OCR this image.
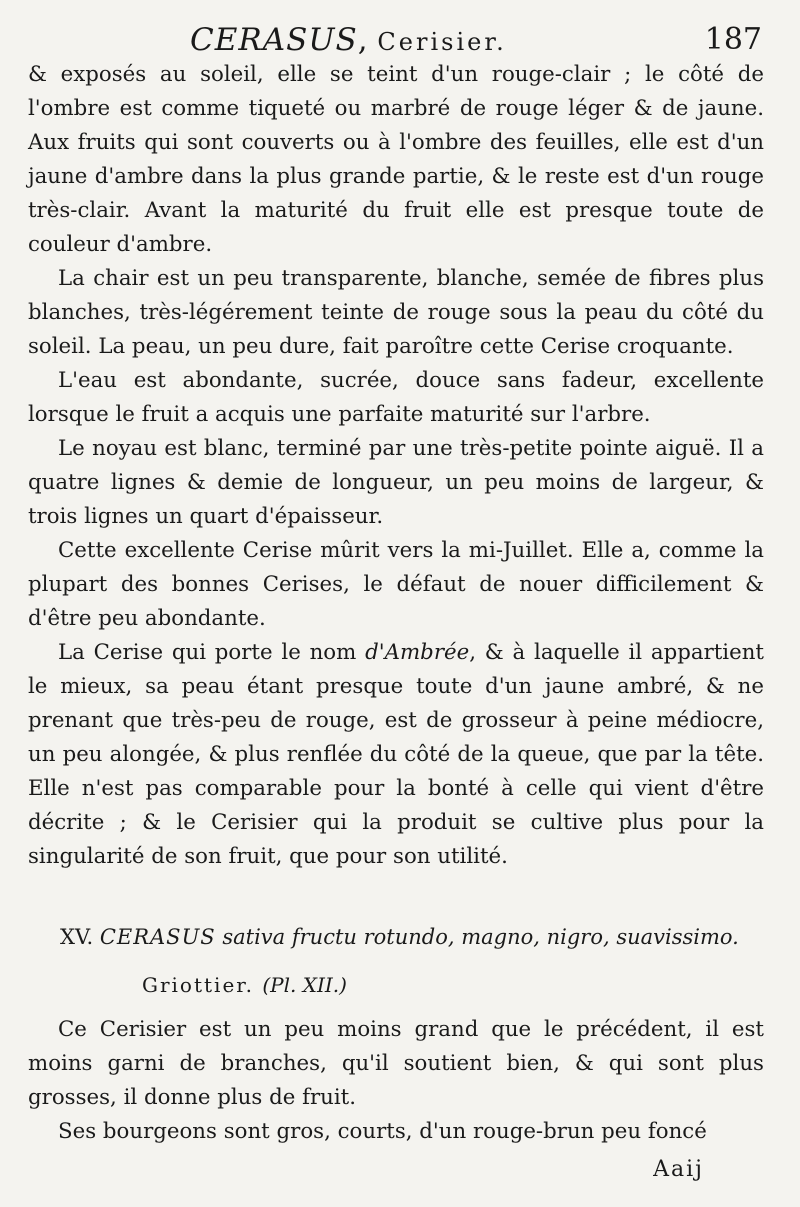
CERASUS, Cerisier.	187

& exposés au soleil, elle se teint d'un rouge-clair ; le côté de l'ombre est comme tiqueté ou marbré de rouge léger & de jaune. Aux fruits qui sont couverts ou à l'ombre des feuilles, elle est d'un jaune d'ambre dans la plus grande partie, & le reste est d'un rouge très-clair. Avant la maturité du fruit elle est presque toute de couleur d'ambre.

La chair est un peu transparente, blanche, semée de fibres plus blanches, très-légérement teinte de rouge sous la peau du côté du soleil. La peau, un peu dure, fait paroître cette Cerise croquante.

L'eau est abondante, sucrée, douce sans fadeur, excellente lorsque le fruit a acquis une parfaite maturité sur l'arbre.

Le noyau est blanc, terminé par une très-petite pointe aiguë. Il a quatre lignes & demie de longueur, un peu moins de largeur, & trois lignes un quart d'épaisseur.

Cette excellente Cerise mûrit vers la mi-Juillet. Elle a, comme la plupart des bonnes Cerises, le défaut de nouer difficilement & d'être peu abondante.

La Cerise qui porte le nom d'Ambrée, & à laquelle il appartient le mieux, sa peau étant presque toute d'un jaune ambré, & ne prenant que très-peu de rouge, est de grosseur à peine médiocre, un peu alongée, & plus renflée du côté de la queue, que par la tête. Elle n'est pas comparable pour la bonté à celle qui vient d'être décrite ; & le Cerisier qui la produit se cultive plus pour la singularité de son fruit, que pour son utilité.

XV. CERASUS sativa fructu rotundo, magno, nigro, suavissimo.
Griottier. (Pl. XII.)

Ce Cerisier est un peu moins grand que le précédent, il est moins garni de branches, qu'il soutient bien, & qui sont plus grosses, il donne plus de fruit.

Ses bourgeons sont gros, courts, d'un rouge-brun peu foncé

Aaij
